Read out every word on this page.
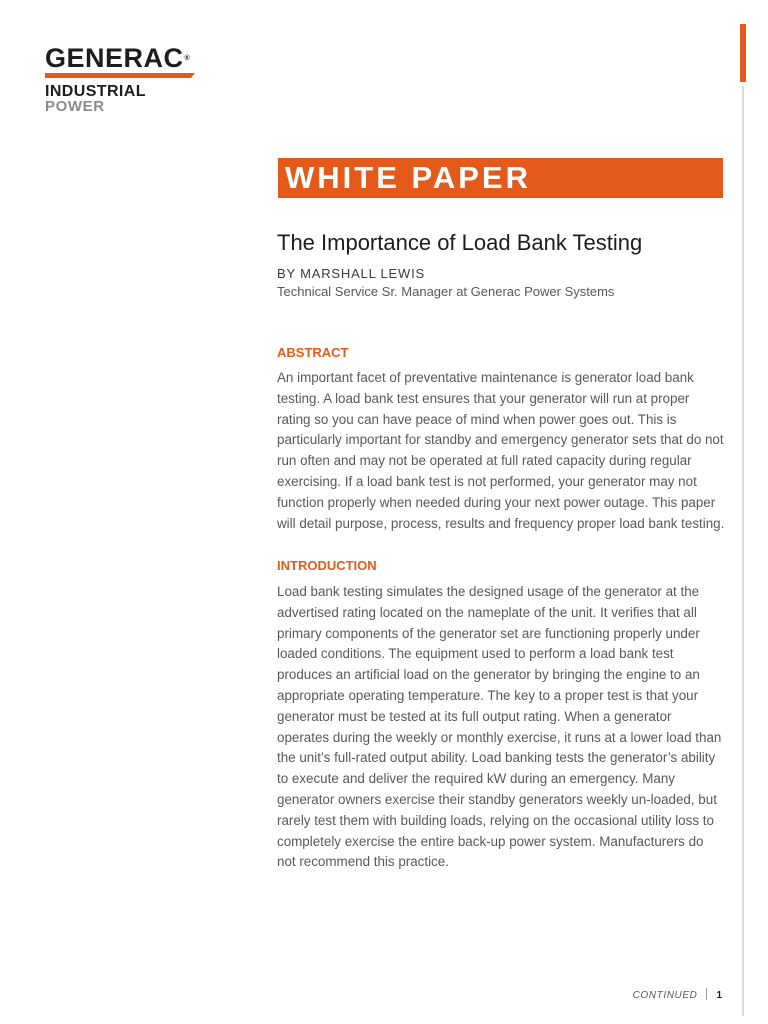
GENERAC®
INDUSTRIAL
POWER
WHITE PAPER
The Importance of Load Bank Testing
BY MARSHALL LEWIS
Technical Service Sr. Manager at Generac Power Systems
ABSTRACT
An important facet of preventative maintenance is generator load bank testing. A load bank test ensures that your generator will run at proper rating so you can have peace of mind when power goes out. This is particularly important for standby and emergency generator sets that do not run often and may not be operated at full rated capacity during regular exercising. If a load bank test is not performed, your generator may not function properly when needed during your next power outage. This paper will detail purpose, process, results and frequency proper load bank testing.
INTRODUCTION
Load bank testing simulates the designed usage of the generator at the advertised rating located on the nameplate of the unit. It verifies that all primary components of the generator set are functioning properly under loaded conditions. The equipment used to perform a load bank test produces an artificial load on the generator by bringing the engine to an appropriate operating temperature. The key to a proper test is that your generator must be tested at its full output rating. When a generator operates during the weekly or monthly exercise, it runs at a lower load than the unit’s full-rated output ability. Load banking tests the generator’s ability to execute and deliver the required kW during an emergency. Many generator owners exercise their standby generators weekly un-loaded, but rarely test them with building loads, relying on the occasional utility loss to completely exercise the entire back-up power system. Manufacturers do not recommend this practice.
CONTINUED 1
